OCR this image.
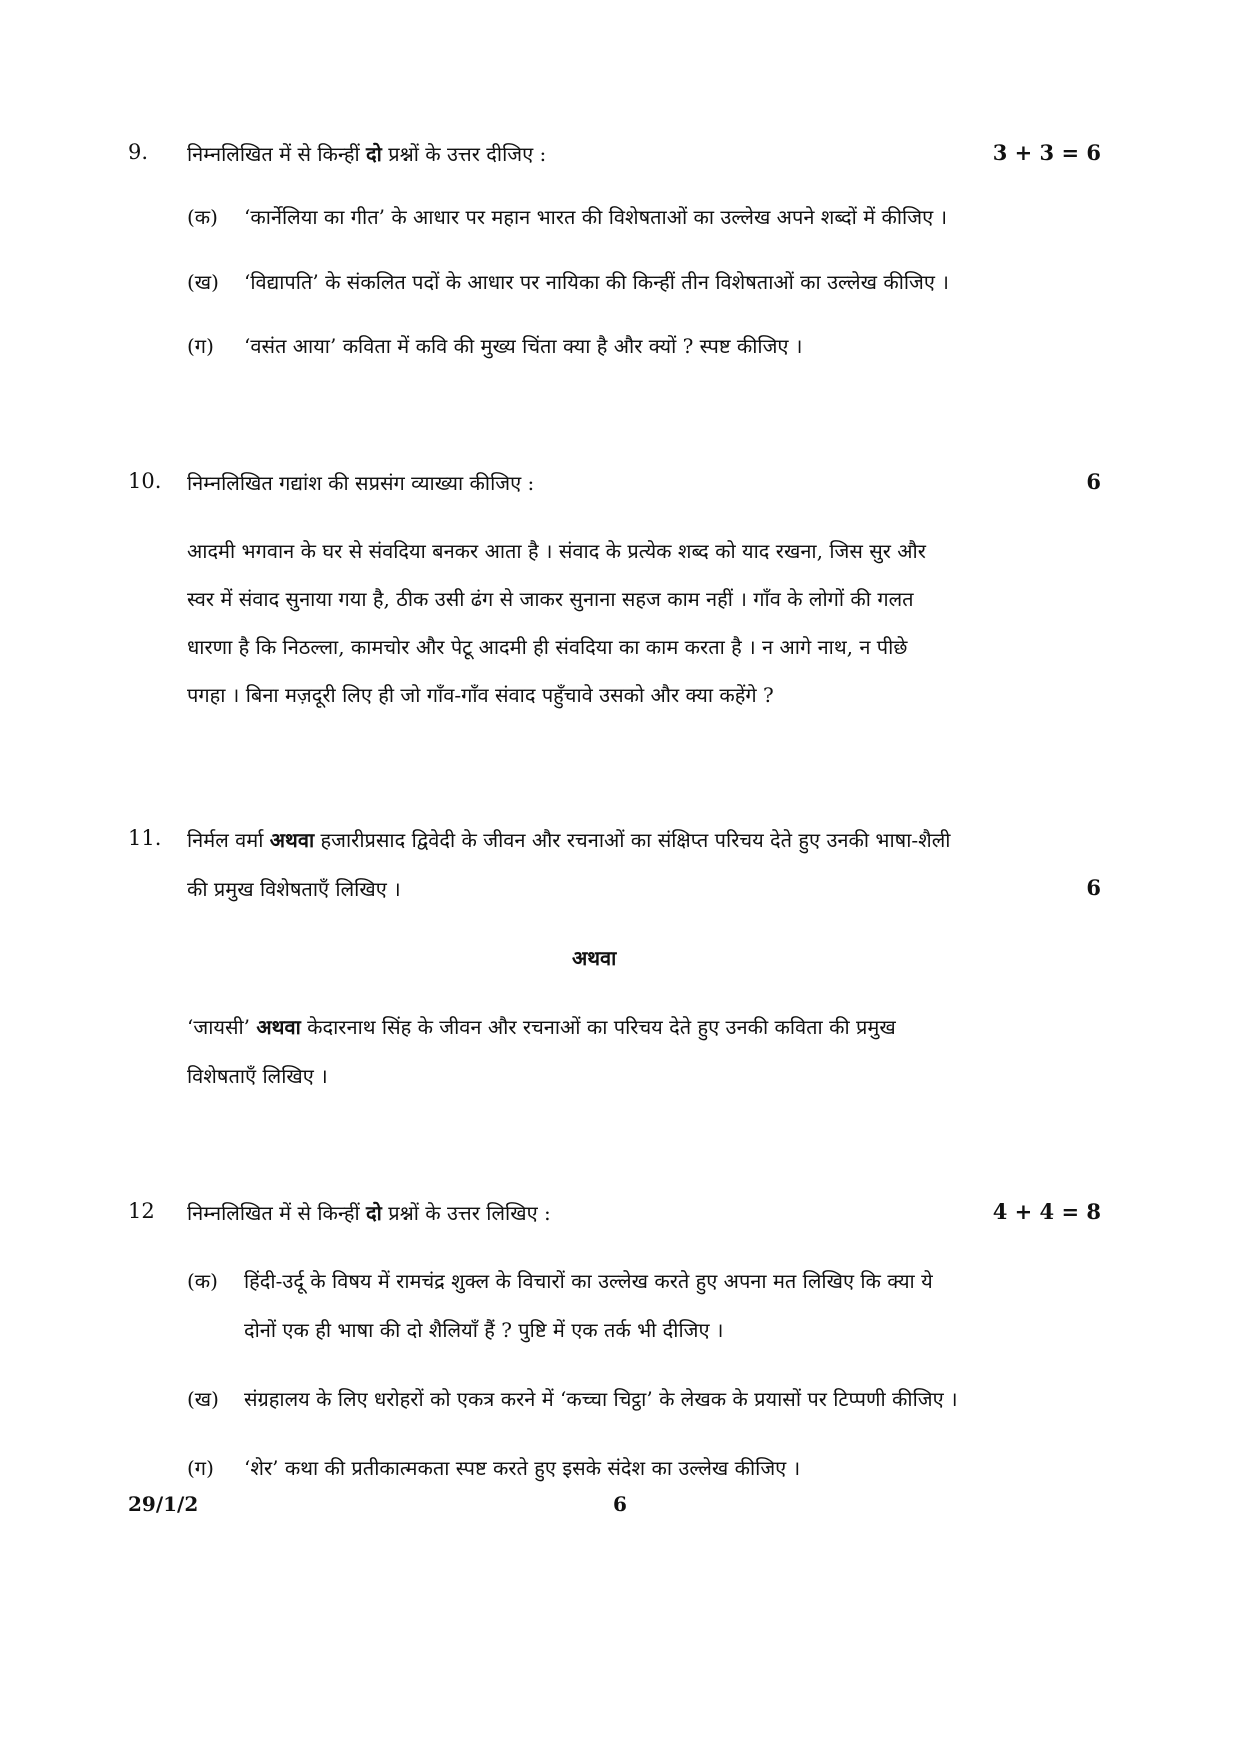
9. निम्नलिखित में से किन्हीं दो प्रश्नों के उत्तर दीजिए :	3 + 3 = 6
(क) ‘कार्नेलिया का गीत’ के आधार पर महान भारत की विशेषताओं का उल्लेख अपने शब्दों में कीजिए ।
(ख) ‘विद्यापति’ के संकलित पदों के आधार पर नायिका की किन्हीं तीन विशेषताओं का उल्लेख कीजिए ।
(ग) ‘वसंत आया’ कविता में कवि की मुख्य चिंता क्या है और क्यों ? स्पष्ट कीजिए ।
10. निम्नलिखित गद्यांश की सप्रसंग व्याख्या कीजिए :	6
आदमी भगवान के घर से संवदिया बनकर आता है । संवाद के प्रत्येक शब्द को याद रखना, जिस सुर और
स्वर में संवाद सुनाया गया है, ठीक उसी ढंग से जाकर सुनाना सहज काम नहीं । गाँव के लोगों की गलत
धारणा है कि निठल्ला, कामचोर और पेटू आदमी ही संवदिया का काम करता है । न आगे नाथ, न पीछे
पगहा । बिना मज़दूरी लिए ही जो गाँव-गाँव संवाद पहुँचावे उसको और क्या कहेंगे ?
11. निर्मल वर्मा अथवा हजारीप्रसाद द्विवेदी के जीवन और रचनाओं का संक्षिप्त परिचय देते हुए उनकी भाषा-शैली
की प्रमुख विशेषताएँ लिखिए ।	6
अथवा
‘जायसी’ अथवा केदारनाथ सिंह के जीवन और रचनाओं का परिचय देते हुए उनकी कविता की प्रमुख
विशेषताएँ लिखिए ।
12 निम्नलिखित में से किन्हीं दो प्रश्नों के उत्तर लिखिए :	4 + 4 = 8
(क) हिंदी-उर्दू के विषय में रामचंद्र शुक्ल के विचारों का उल्लेख करते हुए अपना मत लिखिए कि क्या ये
दोनों एक ही भाषा की दो शैलियाँ हैं ? पुष्टि में एक तर्क भी दीजिए ।
(ख) संग्रहालय के लिए धरोहरों को एकत्र करने में ‘कच्चा चिट्ठा’ के लेखक के प्रयासों पर टिप्पणी कीजिए ।
(ग) ‘शेर’ कथा की प्रतीकात्मकता स्पष्ट करते हुए इसके संदेश का उल्लेख कीजिए ।
29/1/2	6
